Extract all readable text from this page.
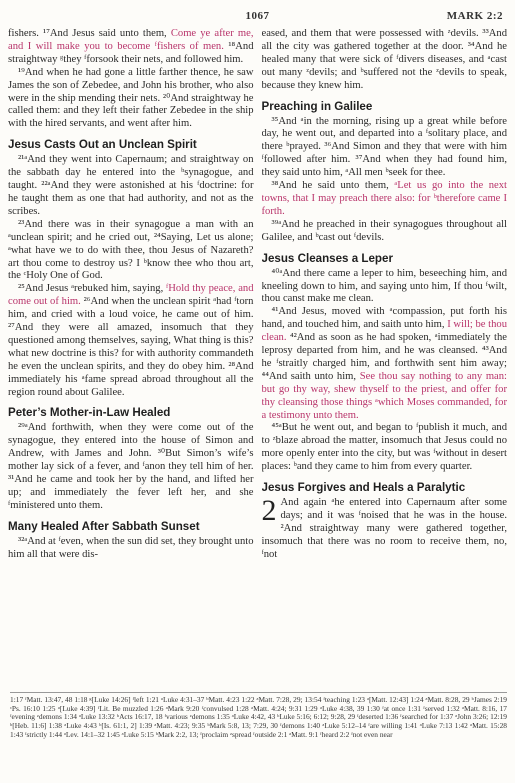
1067	MARK 2:2

fishers. ¹⁷And Jesus said unto them, Come ye after me, and I will make you to become ᶠfishers of men. ¹⁸And straightway ᵍthey ᶠforsook their nets, and followed him.

¹⁹And when he had gone a little farther thence, he saw James the son of Zebedee, and John his brother, who also were in the ship mending their nets. ²⁰And straightway he called them: and they left their father Zebedee in the ship with the hired servants, and went after him.

Jesus Casts Out an Unclean Spirit

²¹ᵃAnd they went into Capernaum; and straightway on the sabbath day he entered into the ᵇsynagogue, and taught. ²²ᵃAnd they were astonished at his ᶠdoctrine: for he taught them as one that had authority, and not as the scribes.

²³And there was in their synagogue a man with an ᵃunclean spirit; and he cried out, ²⁴Saying, Let us alone; ᵃwhat have we to do with thee, thou Jesus of Nazareth? art thou come to destroy us? I ᵇknow thee who thou art, the ᶜHoly One of God.

²⁵And Jesus ᵃrebuked him, saying, ᶠHold thy peace, and come out of him. ²⁶And when the unclean spirit ᵃhad ᶠtorn him, and cried with a loud voice, he came out of him. ²⁷And they were all amazed, insomuch that they questioned among themselves, saying, What thing is this? what new doctrine is this? for with authority commandeth he even the unclean spirits, and they do obey him. ²⁸And immediately his ᵃfame spread abroad throughout all the region round about Galilee.

Peter’s Mother-in-Law Healed

²⁹ᵃAnd forthwith, when they were come out of the synagogue, they entered into the house of Simon and Andrew, with James and John. ³⁰But Simon’s wife’s mother lay sick of a fever, and ᶠanon they tell him of her. ³¹And he came and took her by the hand, and lifted her up; and immediately the fever left her, and she ᶠministered unto them.

Many Healed After Sabbath Sunset

³²ᵃAnd at ᶠeven, when the sun did set, they brought unto him all that were dis-

eased, and them that were possessed with ᶻdevils. ³³And all the city was gathered together at the door. ³⁴And he healed many that were sick of ᶠdivers diseases, and ᵃcast out many ᶻdevils; and ᵇsuffered not the ᶻdevils to speak, because they knew him.

Preaching in Galilee

³⁵And ᵃin the morning, rising up a great while before day, he went out, and departed into a ᶠsolitary place, and there ᵇprayed. ³⁶And Simon and they that were with him ᶠfollowed after him. ³⁷And when they had found him, they said unto him, ᵃAll men ᵇseek for thee.

³⁸And he said unto them, ᵃLet us go into the next towns, that I may preach there also: for ᵇtherefore came I forth.

³⁹ᵃAnd he preached in their synagogues throughout all Galilee, and ᵇcast out ᶠdevils.

Jesus Cleanses a Leper

⁴⁰ᵃAnd there came a leper to him, beseeching him, and kneeling down to him, and saying unto him, If thou ᶠwilt, thou canst make me clean.

⁴¹And Jesus, moved with ᵃcompassion, put forth his hand, and touched him, and saith unto him, I will; be thou clean. ⁴²And as soon as he had spoken, ᵃimmediately the leprosy departed from him, and he was cleansed. ⁴³And he ᶠstraitly charged him, and forthwith sent him away; ⁴⁴And saith unto him, See thou say nothing to any man: but go thy way, shew thyself to the priest, and offer for thy cleansing those things ᵃwhich Moses commanded, for a testimony unto them.

⁴⁵ᵃBut he went out, and began to ᶠpublish it much, and to ᶻblaze abroad the matter, insomuch that Jesus could no more openly enter into the city, but was ᶠwithout in desert places: ᵇand they came to him from every quarter.

Jesus Forgives and Heals a Paralytic

2 And again ᵃhe entered into Capernaum after some days; and it was ᶠnoised that he was in the house. ²And straightway many were gathered together, insomuch that there was no room to receive them, no, ᶠnot

1:17 ᶠMatt. 13:47, 48 1:18 ᵍ[Luke 14:26] ᶠleft 1:21 ᵃLuke 4:31–37 ᵇMatt. 4:23 1:22 ᵃMatt. 7:28, 29; 13:54 ᶠteaching 1:23 ᵃ[Matt. 12:43] 1:24 ᵃMatt. 8:28, 29 ᵇJames 2:19 ᶜPs. 16:10 1:25 ᵃ[Luke 4:39] ᶠLit. Be muzzled 1:26 ᵃMark 9:20 ᶠconvulsed 1:28 ᵃMatt. 4:24; 9:31 1:29 ᵃLuke 4:38, 39 1:30 ᶠat once 1:31 ᶠserved 1:32 ᵃMatt. 8:16, 17 ᶠevening ᶻdemons 1:34 ᵃLuke 13:32 ᵇActs 16:17, 18 ᶠvarious ᶻdemons 1:35 ᵃLuke 4:42, 43 ᵇLuke 5:16; 6:12; 9:28, 29 ᶠdeserted 1:36 ᶠsearched for 1:37 ᵃJohn 3:26; 12:19 ᵇ[Heb. 11:6] 1:38 ᵃLuke 4:43 ᵇ[Is. 61:1, 2] 1:39 ᵃMatt. 4:23; 9:35 ᵇMark 5:8, 13; 7:29, 30 ᶠdemons 1:40 ᵃLuke 5:12–14 ᶠare willing 1:41 ᵃLuke 7:13 1:42 ᵃMatt. 15:28 1:43 ᶠstrictly 1:44 ᵃLev. 14:1–32 1:45 ᵃLuke 5:15 ᵇMark 2:2, 13; ᶠproclaim ᶻspread ᶠoutside 2:1 ᵃMatt. 9:1 ᶠheard 2:2 ᶠnot even near
